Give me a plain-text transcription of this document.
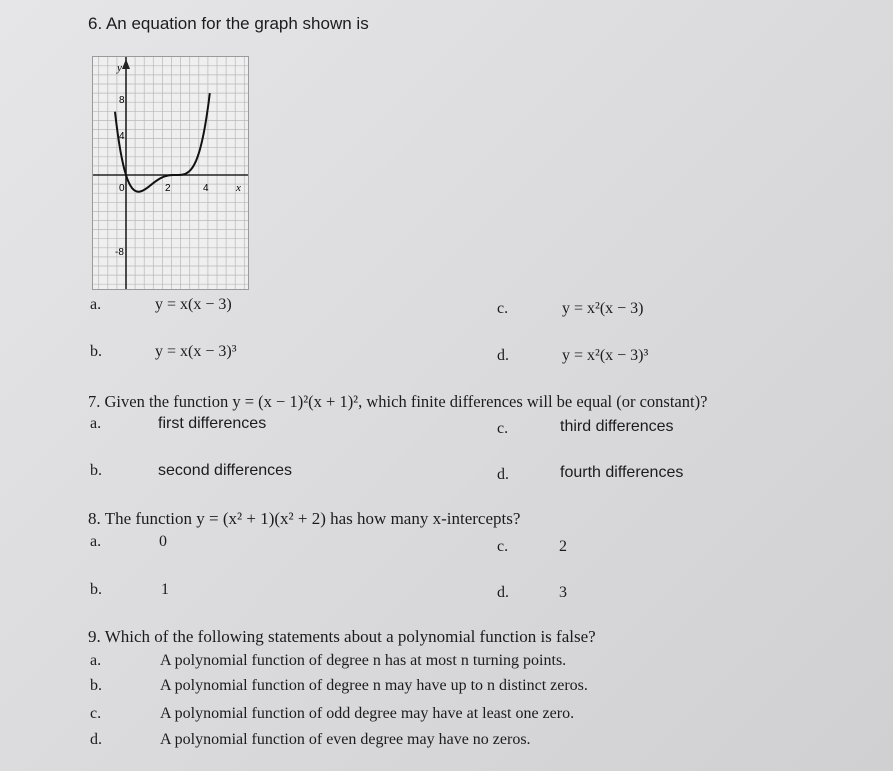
6. An equation for the graph shown is
y
x
8
4
-8
0	2	4
a.	y = x(x − 3)	c.	y = x²(x − 3)
b.	y = x(x − 3)³	d.	y = x²(x − 3)³
7. Given the function y = (x − 1)²(x + 1)², which finite differences will be equal (or constant)?
a.	first differences	c.	third differences
b.	second differences	d.	fourth differences
8. The function y = (x² + 1)(x² + 2) has how many x-intercepts?
a.	0	c.	2
b.	1	d.	3
9. Which of the following statements about a polynomial function is false?
a.	A polynomial function of degree n has at most n turning points.
b.	A polynomial function of degree n may have up to n distinct zeros.
c.	A polynomial function of odd degree may have at least one zero.
d.	A polynomial function of even degree may have no zeros.
